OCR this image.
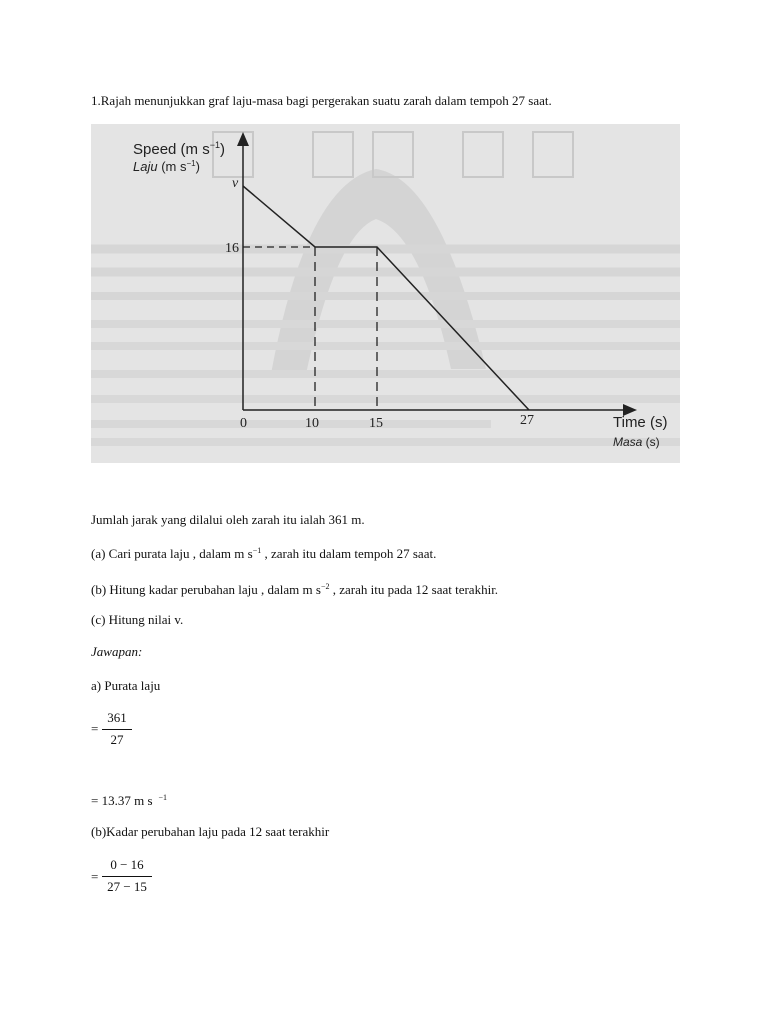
1.Rajah menunjukkan graf laju-masa bagi pergerakan suatu zarah dalam tempoh 27 saat.
Speed (m $s^{-1}$)
Laju (m $s^{-1}$)
v
16
0	10	15	27	Time (s)
Masa (s)
Jumlah jarak yang dilalui oleh zarah itu ialah 361 m.
(a) Cari purata laju , dalam m $s^{-1}$ , zarah itu dalam tempoh 27 saat.
(b) Hitung kadar perubahan laju , dalam m $s^{-2}$ , zarah itu pada 12 saat terakhir.
(c) Hitung nilai v.
Jawapan:
a) Purata laju
=
361
27
= 13.37 m s $^{-1}$
(b)Kadar perubahan laju pada 12 saat terakhir
=
0 − 16
27 − 15
